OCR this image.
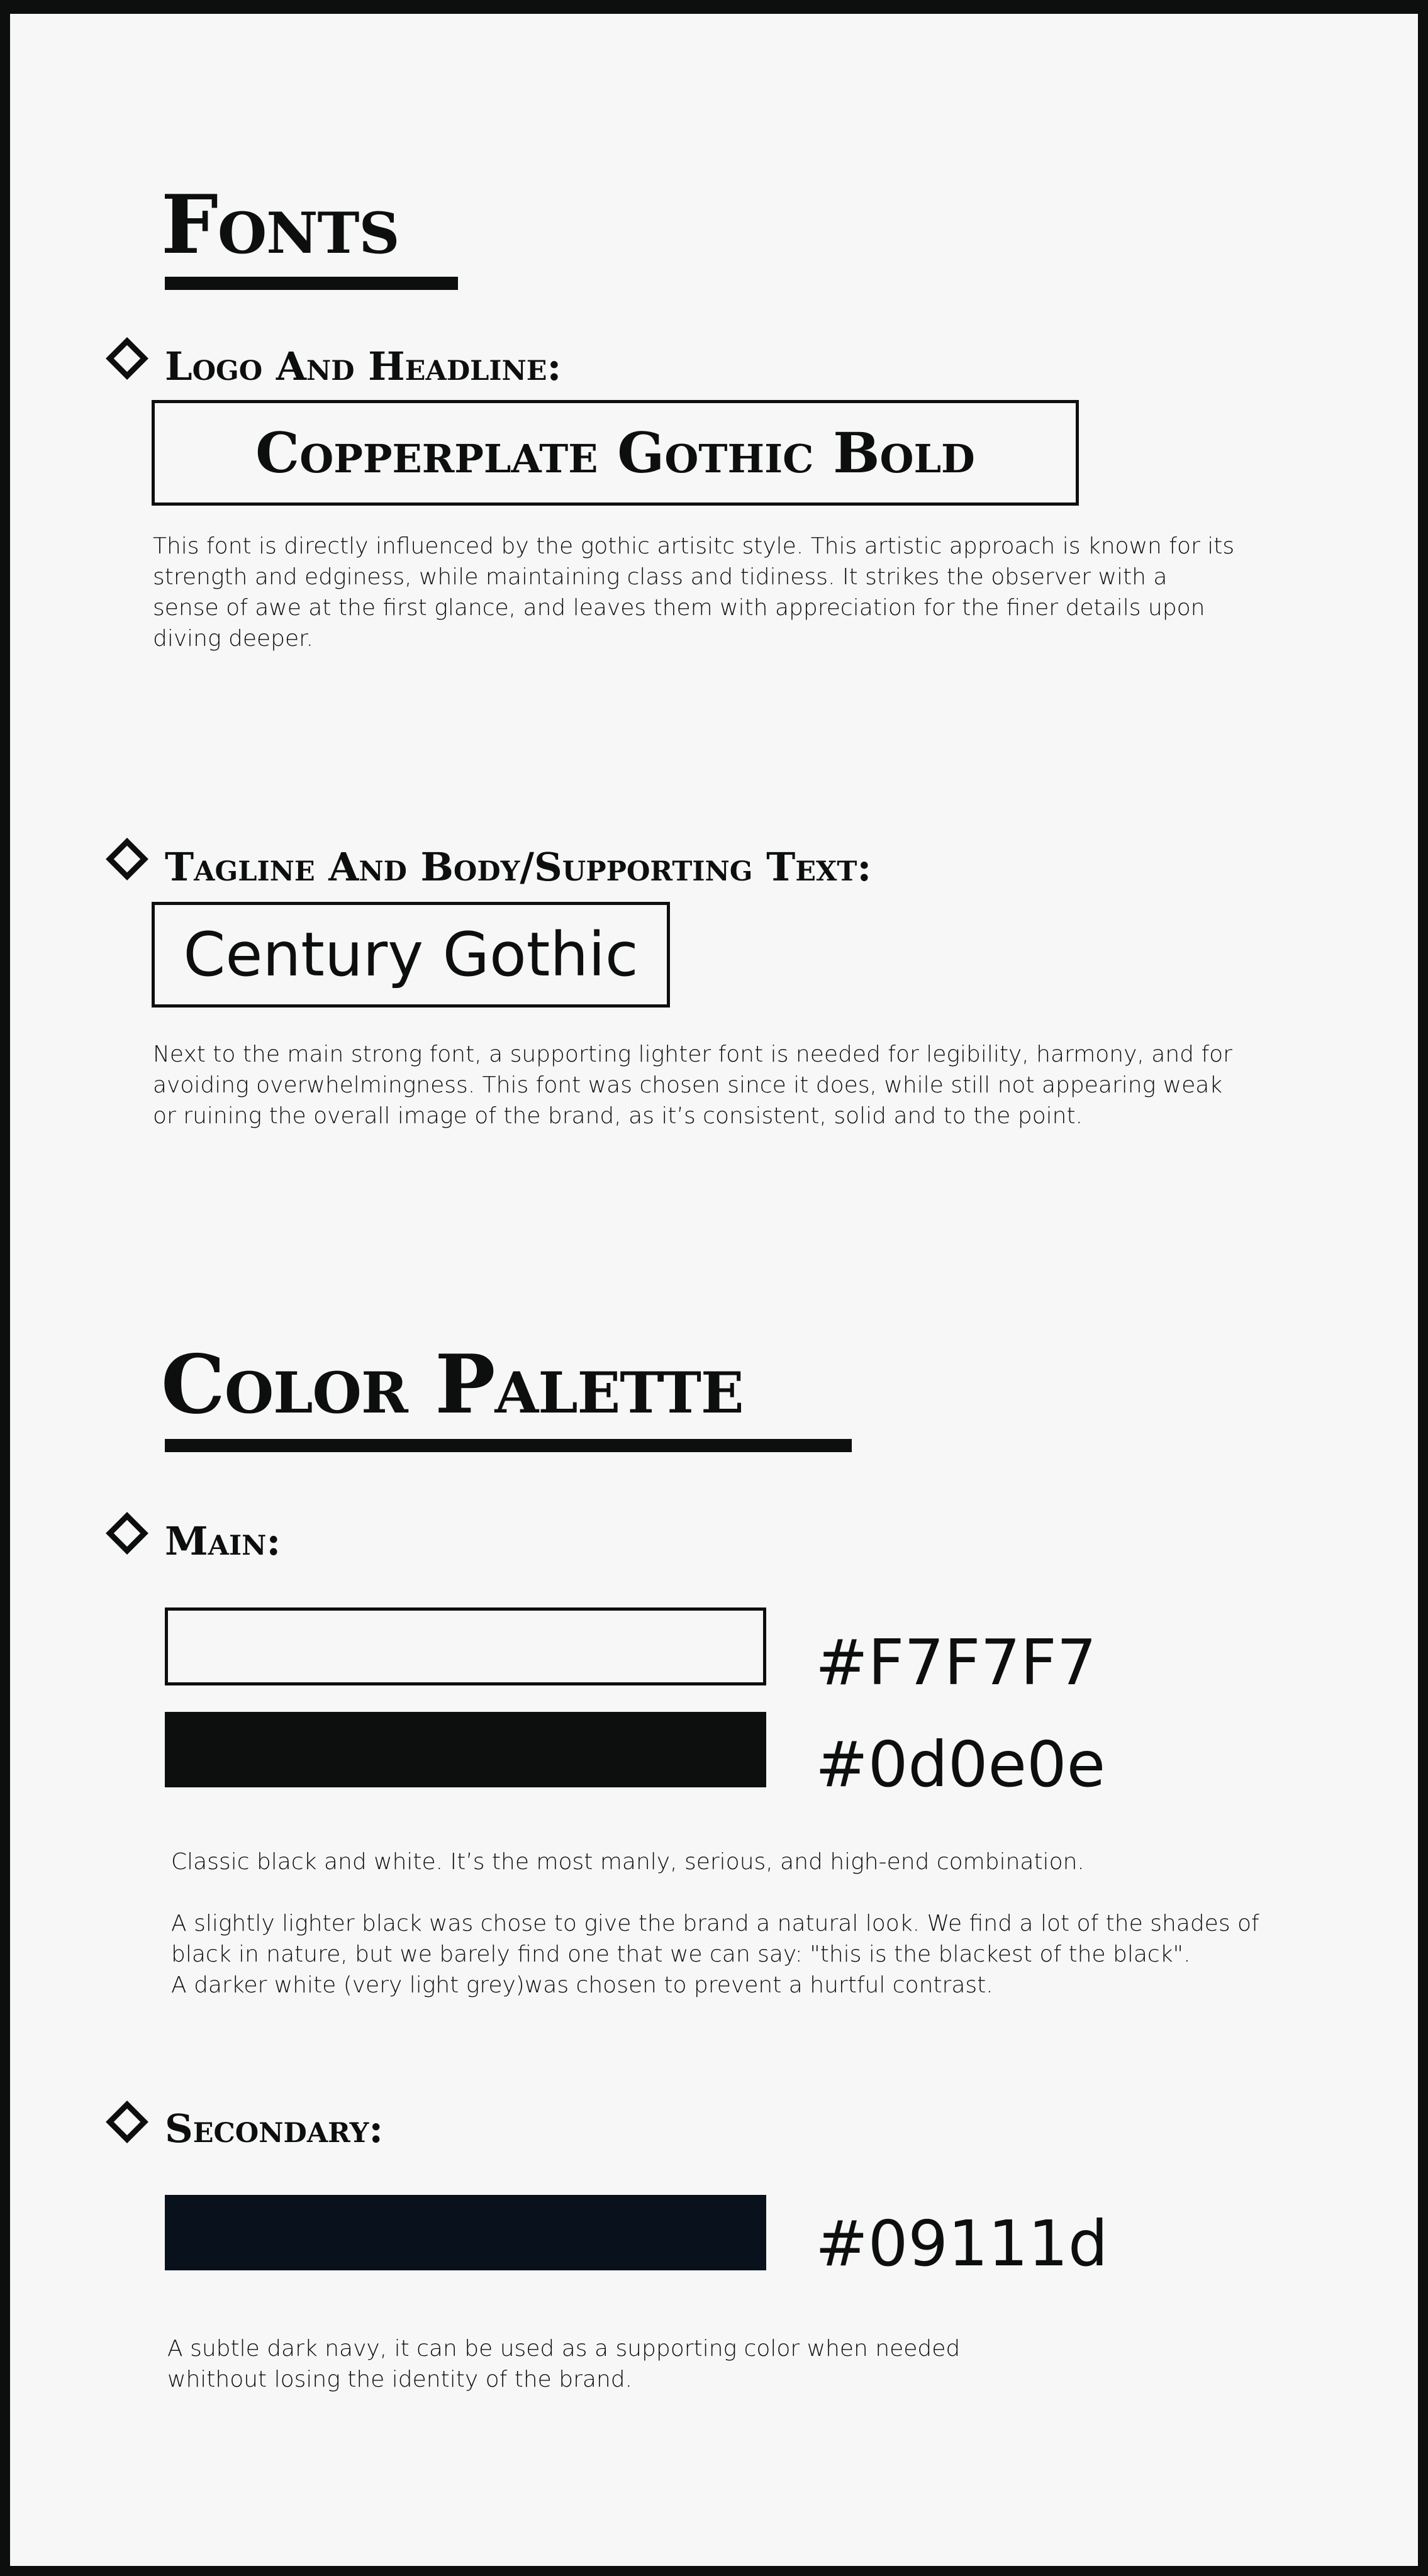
Fonts
Logo And Headline:
Copperplate Gothic Bold
This font is directly influenced by the gothic artisitc style. This artistic approach is known for its strength and edginess, while maintaining class and tidiness. It strikes the observer with a sense of awe at the first glance, and leaves them with appreciation for the finer details upon diving deeper.
Tagline And Body/Supporting Text:
Century Gothic
Next to the main strong font, a supporting lighter font is needed for legibility, harmony, and for avoiding overwhelmingness. This font was chosen since it does, while still not appearing weak or ruining the overall image of the brand, as it’s consistent, solid and to the point.
Color Palette
Main:
#F7F7F7
#0d0e0e
Classic black and white. It’s the most manly, serious, and high-end combination.
A slightly lighter black was chose to give the brand a natural look. We find a lot of the shades of black in nature, but we barely find one that we can say: "this is the blackest of the black".
A darker white (very light grey)was chosen to prevent a hurtful contrast.
Secondary:
#09111d
A subtle dark navy, it can be used as a supporting color when needed
whithout losing the identity of the brand.
